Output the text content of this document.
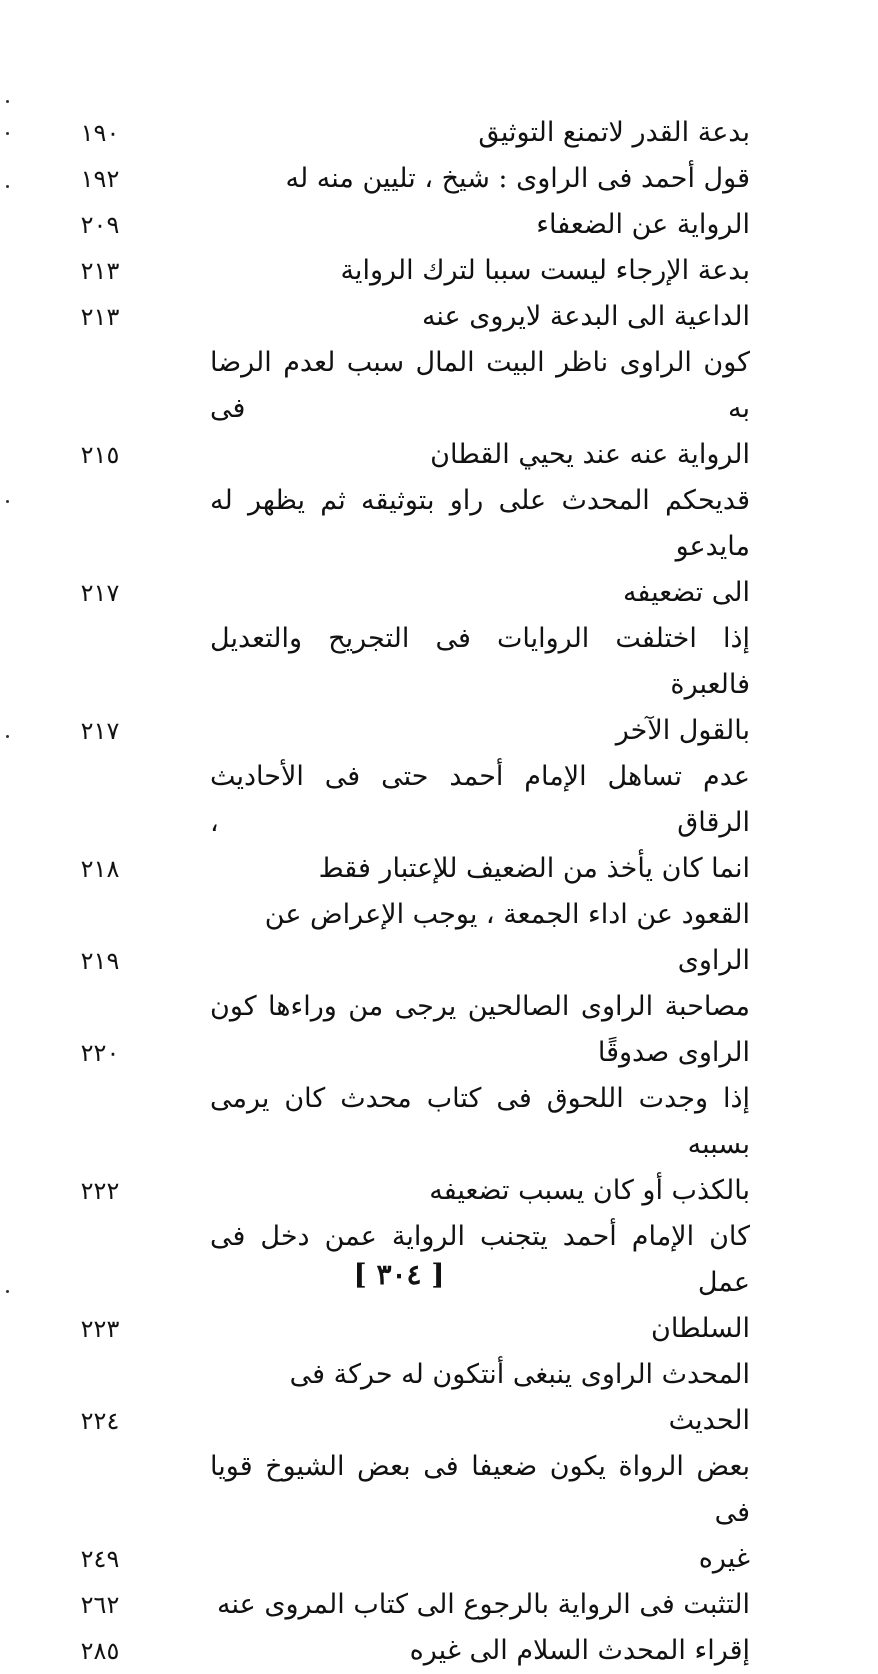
بدعة القدر لاتمنع التوثيق
١٩٠
قول أحمد فى الراوى : شيخ ، تليين منه له
١٩٢
الرواية عن الضعفاء
٢٠٩
بدعة الإرجاء ليست سببا لترك الرواية
٢١٣
الداعية الى البدعة لايروى عنه
٢١٣
كون الراوى ناظر البيت المال سبب لعدم الرضا به فى
الرواية عنه عند يحيي القطان
٢١٥
قديحكم المحدث على راو بتوثيقه ثم يظهر له مايدعو
الى تضعيفه
٢١٧
إذا اختلفت الروايات فى التجريح والتعديل فالعبرة
بالقول الآخر
٢١٧
عدم تساهل الإمام أحمد حتى فى الأحاديث الرقاق ،
انما كان يأخذ من الضعيف للإعتبار فقط
٢١٨
القعود عن اداء الجمعة ، يوجب الإعراض عن الراوى
٢١٩
مصاحبة الراوى الصالحين يرجى من وراءها كون
الراوى صدوقًا
٢٢٠
إذا وجدت اللحوق فى كتاب محدث كان يرمى بسببه
بالكذب أو كان يسبب تضعيفه
٢٢٢
كان الإمام أحمد يتجنب الرواية عمن دخل فى عمل
السلطان
٢٢٣
المحدث الراوى ينبغى أنتكون له حركة فى الحديث
٢٢٤
بعض الرواة يكون ضعيفا فى بعض الشيوخ قويا فى
غيره
٢٤٩
التثبت فى الرواية بالرجوع الى كتاب المروى عنه
٢٦٢
إقراء المحدث السلام الى غيره
٢٨٥
[ ٣٠٤ ]
